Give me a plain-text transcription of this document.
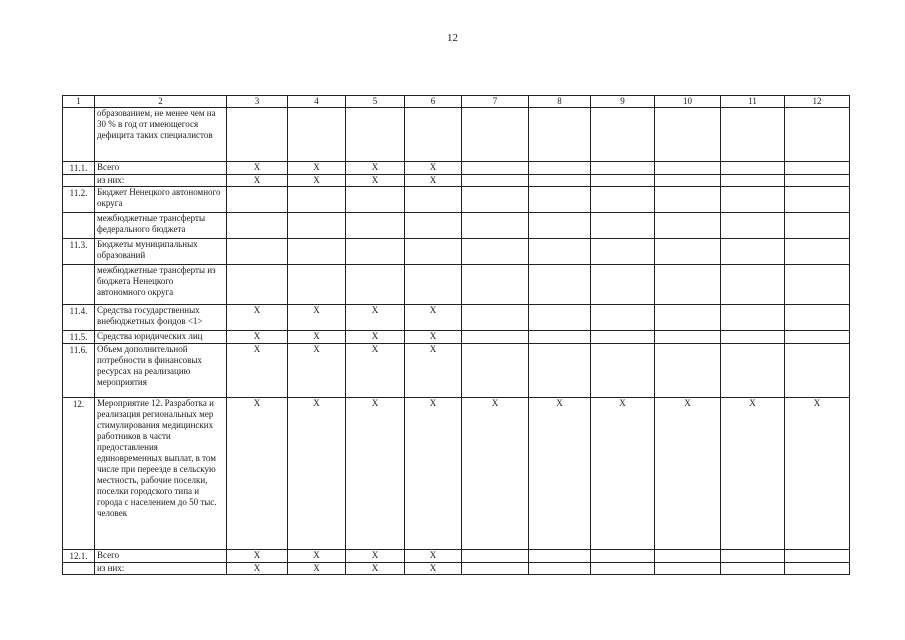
12
1	2	3	4	5	6	7	8	9	10	11	12
	образованием, не менее чем на 30 % в год от имеющегося дефицита таких специалистов										
11.1.	Всего	Х	Х	Х	Х						
	из них:	Х	Х	Х	Х						
11.2.	Бюджет Ненецкого автономного округа										
	межбюджетные трансферты федерального бюджета										
11.3.	Бюджеты муниципальных образований										
	межбюджетные трансферты из бюджета Ненецкого автономного округа										
11.4.	Средства государственных внебюджетных фондов <1>	Х	Х	Х	Х						
11.5.	Средства юридических лиц	Х	Х	Х	Х						
11.6.	Объем дополнительной потребности в финансовых ресурсах на реализацию мероприятия	Х	Х	Х	Х						
12.	Мероприятие 12. Разработка и реализация региональных мер стимулирования медицинских работников в части предоставления единовременных выплат, в том числе при переезде в сельскую местность, рабочие поселки, поселки городского типа и города с населением до 50 тыс. человек	Х	Х	Х	Х	Х	Х	Х	Х	Х	Х
12.1.	Всего	Х	Х	Х	Х						
	из них:	Х	Х	Х	Х						
